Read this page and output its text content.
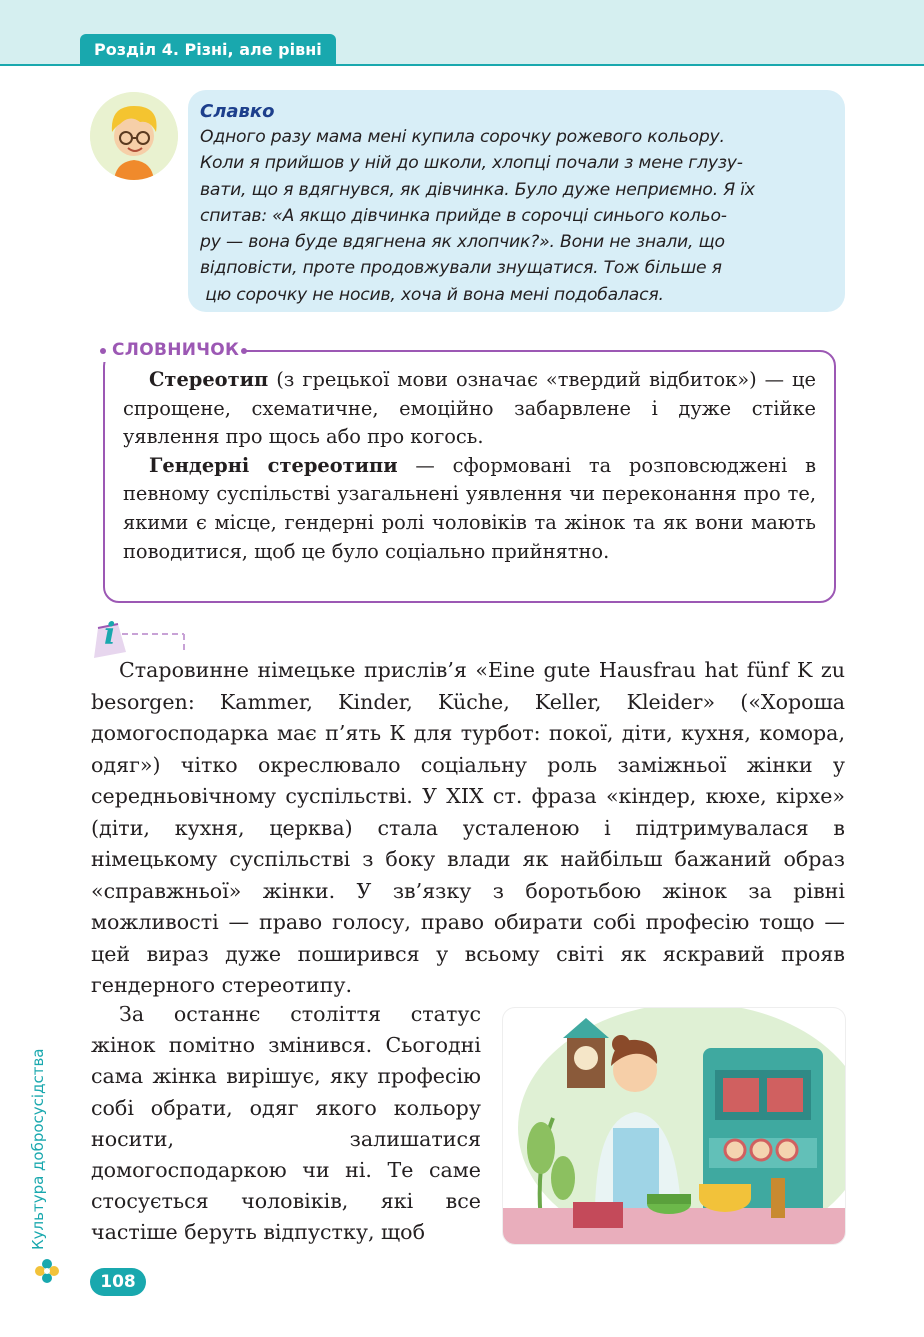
Розділ 4. Різні, але рівні
Славко
Одного разу мама мені купила сорочку рожевого кольору.
Коли я прийшов у ній до школи, хлопці почали з мене глузу-
вати, що я вдягнувся, як дівчинка. Було дуже неприємно. Я їх
спитав: «А якщо дівчинка прийде в сорочці синього кольо-
ру — вона буде вдягнена як хлопчик?». Вони не знали, що
відповісти, проте продовжували знущатися. Тож більше я
цю сорочку не носив, хоча й вона мені подобалася.

Стереотип (з грецької мови означає «твердий відбиток») — це спрощене, схематичне, емоційно забарвлене і дуже стійке уявлення про щось або про когось.

Гендерні стереотипи — сформовані та розповсюджені в певному суспільстві узагальнені уявлення чи переконання про те, якими є місце, гендерні ролі чоловіків та жінок та як вони мають поводитися, щоб це було соціально прийнятно.

СЛОВНИЧОК
i

Старовинне німецьке прислів’я «Eine gute Hausfrau hat fünf K zu besorgen: Kammer, Kinder, Küche, Keller, Kleider» («Хороша домогосподарка має п’ять К для турбот: покої, діти, кухня, комора, одяг») чітко окреслювало соціальну роль заміжньої жінки у середньовічному суспільстві. У XIX ст. фраза «кіндер, кюхе, кірхе» (діти, кухня, церква) стала усталеною і підтримувалася в німецькому суспільстві з боку влади як найбільш бажаний образ «справжньої» жінки. У зв’язку з боротьбою жінок за рівні можливості — право голосу, право обирати собі професію тощо — цей вираз дуже поширився у всьому світі як яскравий прояв гендерного стереотипу.

За останнє століття статус жінок помітно змінився. Сьогодні сама жінка вирішує, яку професію собі обрати, одяг якого кольору носити, залишатися домогосподаркою чи ні. Те саме стосується чоловіків, які все частіше беруть відпустку, щоб

Культура добросусідства
108
